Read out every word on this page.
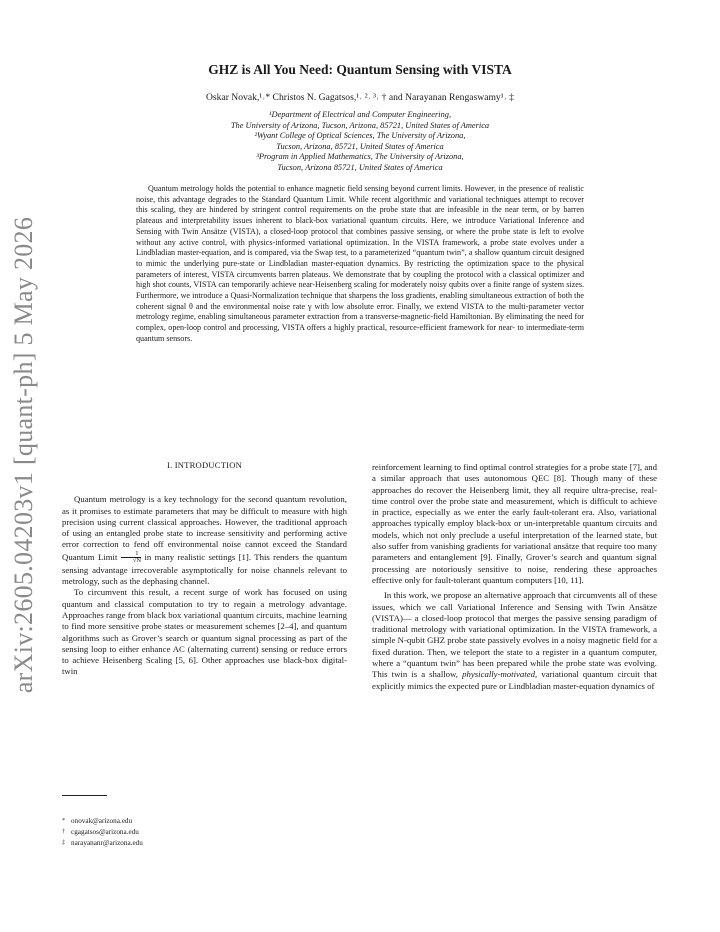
arXiv:2605.04203v1 [quant-ph] 5 May 2026
GHZ is All You Need: Quantum Sensing with VISTA
Oskar Novak,¹˒* Christos N. Gagatsos,¹˒ ²˒ ³˒ † and Narayanan Rengaswamy¹˒ ‡
¹Department of Electrical and Computer Engineering,
The University of Arizona, Tucson, Arizona, 85721, United States of America
²Wyant College of Optical Sciences, The University of Arizona,
Tucson, Arizona, 85721, United States of America
³Program in Applied Mathematics, The University of Arizona,
Tucson, Arizona 85721, United States of America

Quantum metrology holds the potential to enhance magnetic field sensing beyond current limits. However, in the presence of realistic noise, this advantage degrades to the Standard Quantum Limit. While recent algorithmic and variational techniques attempt to recover this scaling, they are hindered by stringent control requirements on the probe state that are infeasible in the near term, or by barren plateaus and interpretability issues inherent to black-box variational quantum circuits. Here, we introduce Variational Inference and Sensing with Twin Ansätze (VISTA), a closed-loop protocol that combines passive sensing, or where the probe state is left to evolve without any active control, with physics-informed variational optimization. In the VISTA framework, a probe state evolves under a Lindbladian master-equation, and is compared, via the Swap test, to a parameterized “quantum twin”, a shallow quantum circuit designed to mimic the underlying pure-state or Lindbladian master-equation dynamics. By restricting the optimization space to the physical parameters of interest, VISTA circumvents barren plateaus. We demonstrate that by coupling the protocol with a classical optimizer and high shot counts, VISTA can temporarily achieve near-Heisenberg scaling for moderately noisy qubits over a finite range of system sizes. Furthermore, we introduce a Quasi-Normalization technique that sharpens the loss gradients, enabling simultaneous extraction of both the coherent signal θ and the environmental noise rate γ with low absolute error. Finally, we extend VISTA to the multi-parameter vector metrology regime, enabling simultaneous parameter extraction from a transverse-magnetic-field Hamiltonian. By eliminating the need for complex, open-loop control and processing, VISTA offers a highly practical, resource-efficient framework for near- to intermediate-term quantum sensors.

I. INTRODUCTION

Quantum metrology is a key technology for the second quantum revolution, as it promises to estimate parameters that may be difficult to measure with high precision using current classical approaches. However, the traditional approach of using an entangled probe state to increase sensitivity and performing active error correction to fend off environmental noise cannot exceed the Standard Quantum Limit $\frac{1}{√N}$ in many realistic settings [1]. This renders the quantum sensing advantage irrecoverable asymptotically for noise channels relevant to metrology, such as the dephasing channel.

To circumvent this result, a recent surge of work has focused on using quantum and classical computation to try to regain a metrology advantage. Approaches range from black box variational quantum circuits, machine learning to find more sensitive probe states or measurement schemes [2–4], and quantum algorithms such as Grover’s search or quantum signal processing as part of the sensing loop to either enhance AC (alternating current) sensing or reduce errors to achieve Heisenberg Scaling [5, 6]. Other approaches use black-box digital-twin

reinforcement learning to find optimal control strategies for a probe state [7], and a similar approach that uses autonomous QEC [8]. Though many of these approaches do recover the Heisenberg limit, they all require ultra-precise, real-time control over the probe state and measurement, which is difficult to achieve in practice, especially as we enter the early fault-tolerant era. Also, variational approaches typically employ black-box or un-interpretable quantum circuits and models, which not only preclude a useful interpretation of the learned state, but also suffer from vanishing gradients for variational ansätze that require too many parameters and entanglement [9]. Finally, Grover’s search and quantum signal processing are notoriously sensitive to noise, rendering these approaches effective only for fault-tolerant quantum computers [10, 11].

In this work, we propose an alternative approach that circumvents all of these issues, which we call Variational Inference and Sensing with Twin Ansätze (VISTA)— a closed-loop protocol that merges the passive sensing paradigm of traditional metrology with variational optimization. In the VISTA framework, a simple N-qubit GHZ probe state passively evolves in a noisy magnetic field for a fixed duration. Then, we teleport the state to a register in a quantum computer, where a “quantum twin” has been prepared while the probe state was evolving. This twin is a shallow, physically-motivated, variational quantum circuit that explicitly mimics the expected pure or Lindbladian master-equation dynamics of

* onovak@arizona.edu
† cgagatsos@arizona.edu
‡ narayananr@arizona.edu
